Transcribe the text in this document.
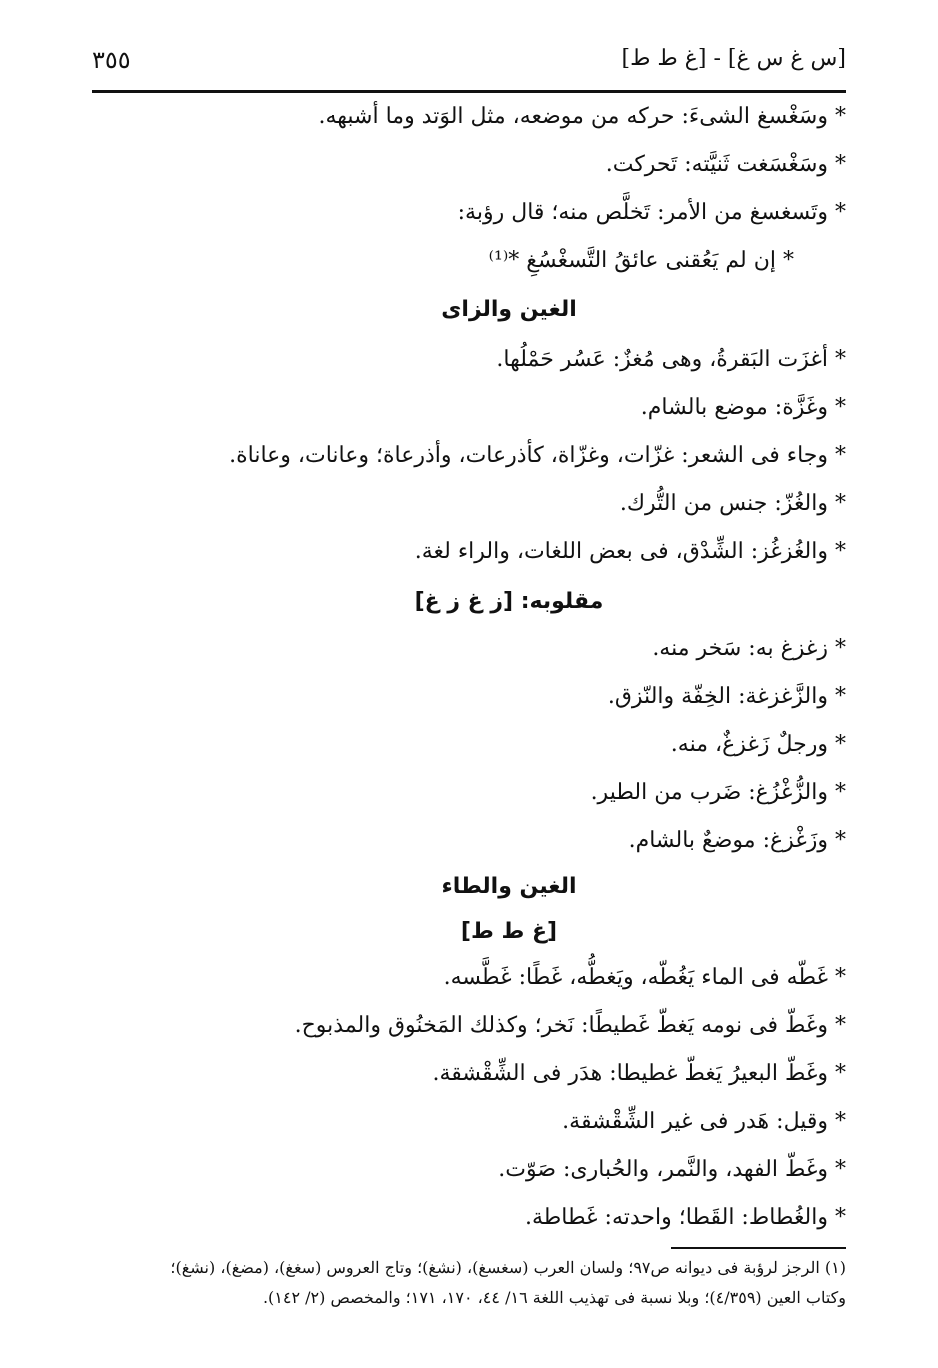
٣٥٥	[س غ س غ] - [غ ط ط]
* وسَغْسغ الشىءَ: حركه من موضعه، مثل الوَتد وما أشبهه.
* وسَغْسَغت ثَنيَّته: تَحركت.
* وتَسغسغ من الأمر: تَخلَّص منه؛ قال رؤبة:
* إن لم يَعُقنى عائقُ التَّسغْسُغِ *⁽¹⁾
الغين والزاى
* أغزَت البَقرةُ، وهى مُغزٌ: عَسُر حَمْلُها.
* وغَزَّة: موضع بالشام.
* وجاء فى الشعر: غزّات، وغزّاة، كأذرعات، وأذرعاة؛ وعانات، وعاناة.
* والغُزّ: جنس من التُّرك.
* والغُزغُز: الشِّدْق، فى بعض اللغات، والراء لغة.
مقلوبه: [ز غ ز غ]
* زغزغ به: سَخر منه.
* والزَّغزغة: الخِفّة والنّزق.
* ورجلٌ زَغزغٌ، منه.
* والزُّغْزُغ: ضَرب من الطير.
* وزَغْزغ: موضعٌ بالشام.
الغين والطاء
[غ ط ط]
* غَطّه فى الماء يَغُطّه، ويَغطُّه، غَطًا: غَطَّسه.
* وغَطّ فى نومه يَغطّ غَطيطًا: نَخر؛ وكذلك المَخنُوق والمذبوح.
* وغَطّ البعيرُ يَغطّ غطيطا: هدَر فى الشِّقْشقة.
* وقيل: هَدر فى غير الشِّقْشقة.
* وغَطّ الفهد، والنَّمر، والحُبارى: صَوّت.
* والغُطاط: القَطا؛ واحدته: غَطاطة.
(١) الرجز لرؤبة فى ديوانه ص٩٧؛ ولسان العرب (سغسغ)، (نشغ)؛ وتاج العروس (سغغ)، (مضغ)، (نشغ)؛
وكتاب العين (٤/٣٥٩)؛ وبلا نسبة فى تهذيب اللغة ١٦/ ٤٤، ١٧٠، ١٧١؛ والمخصص (٢/ ١٤٢).
